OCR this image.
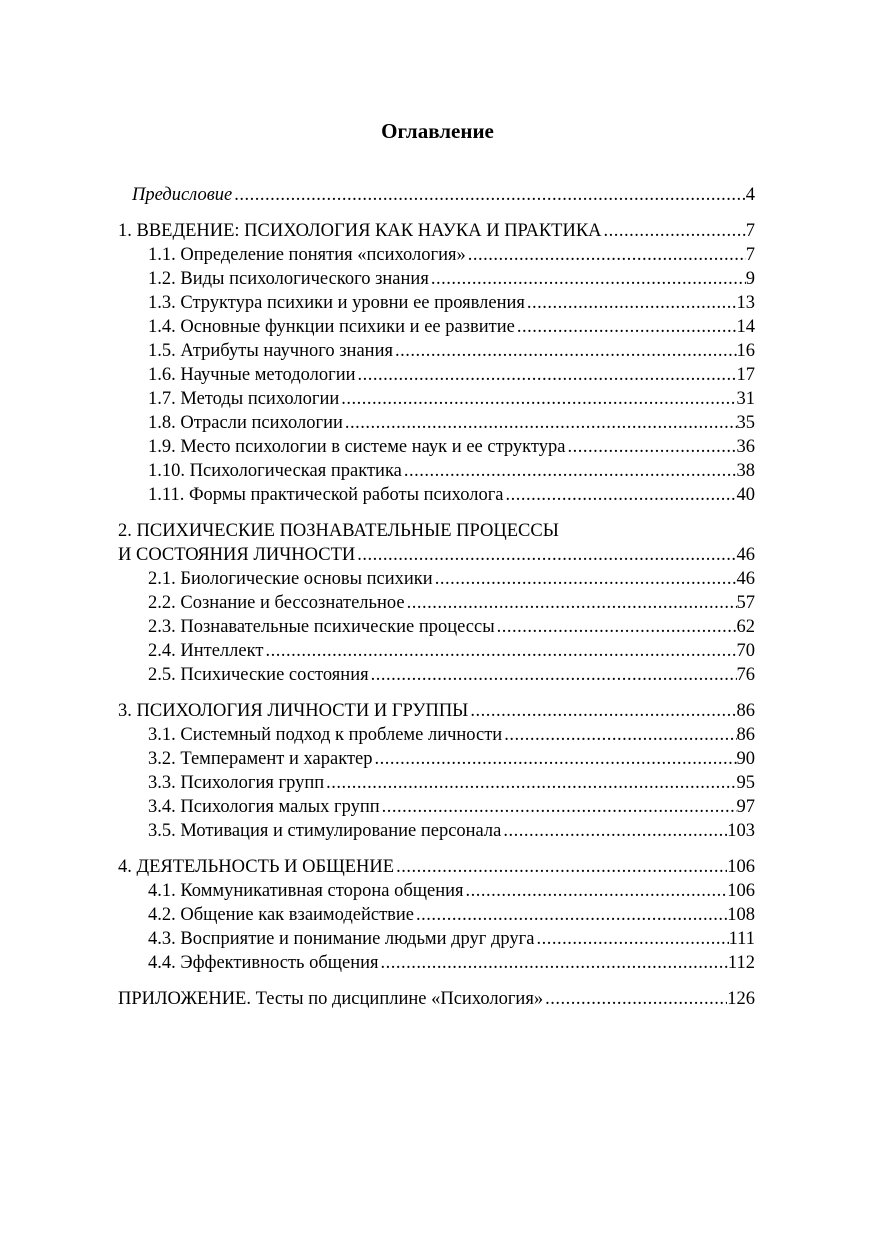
Оглавление
Предисловие .....	4
1. ВВЕДЕНИЕ: ПСИХОЛОГИЯ КАК НАУКА И ПРАКТИКА .....	7
1.1. Определение понятия «психология» .....	7
1.2. Виды психологического знания .....	9
1.3. Структура психики и уровни ее проявления .....	13
1.4. Основные функции психики и ее развитие .....	14
1.5. Атрибуты научного знания .....	16
1.6. Научные методологии .....	17
1.7. Методы психологии .....	31
1.8. Отрасли психологии .....	35
1.9. Место психологии в системе наук и ее структура .....	36
1.10. Психологическая практика .....	38
1.11. Формы практической работы психолога .....	40
2. ПСИХИЧЕСКИЕ ПОЗНАВАТЕЛЬНЫЕ ПРОЦЕССЫ
И СОСТОЯНИЯ ЛИЧНОСТИ .....	46
2.1. Биологические основы психики .....	46
2.2. Сознание и бессознательное .....	57
2.3. Познавательные психические процессы .....	62
2.4. Интеллект .....	70
2.5. Психические состояния .....	76
3. ПСИХОЛОГИЯ ЛИЧНОСТИ И ГРУППЫ .....	86
3.1. Системный подход к проблеме личности .....	86
3.2. Темперамент и характер .....	90
3.3. Психология групп .....	95
3.4. Психология малых групп .....	97
3.5. Мотивация и стимулирование персонала .....	103
4. ДЕЯТЕЛЬНОСТЬ И ОБЩЕНИЕ .....	106
4.1. Коммуникативная сторона общения .....	106
4.2. Общение как взаимодействие .....	108
4.3. Восприятие и понимание людьми друг друга .....	111
4.4. Эффективность общения .....	112
ПРИЛОЖЕНИЕ. Тесты по дисциплине «Психология» .....	126
